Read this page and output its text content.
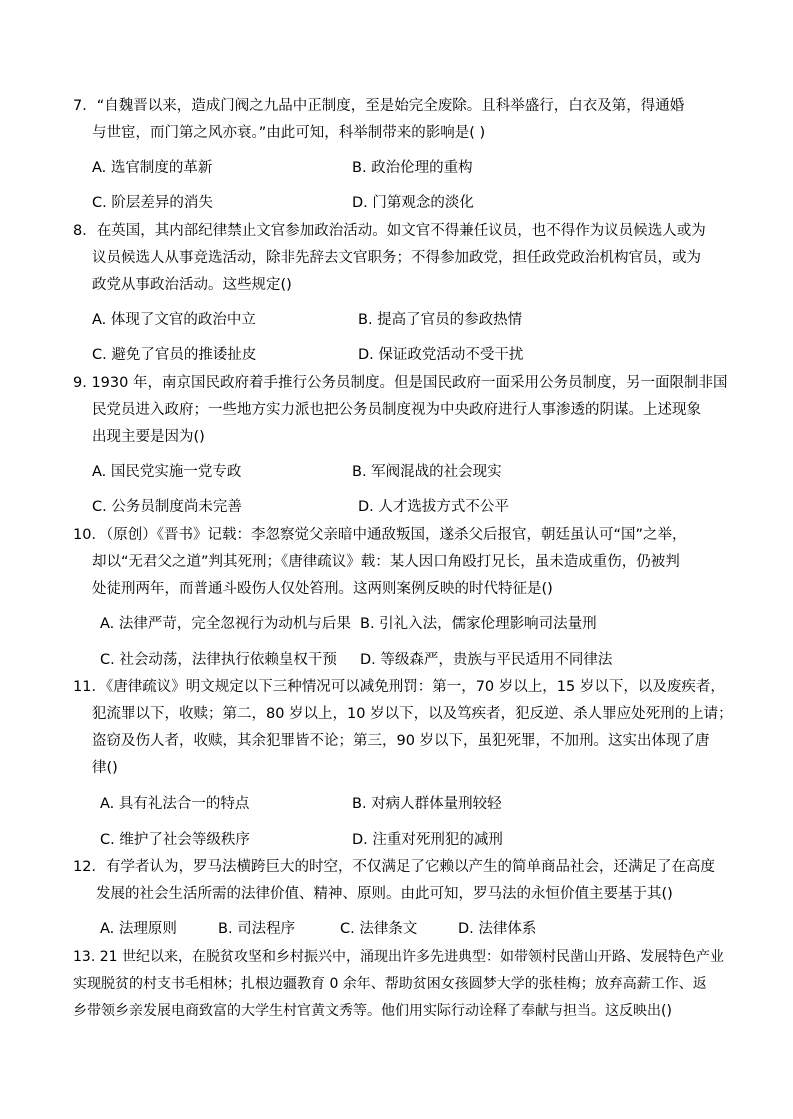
7．“自魏晋以来，造成门阀之九品中正制度，至是始完全废除。且科举盛行，白衣及第，得通婚
与世宦，而门第之风亦衰。”由此可知，科举制带来的影响是( )
A. 选官制度的革新	B. 政治伦理的重构
C. 阶层差异的消失	D. 门第观念的淡化
8．在英国，其内部纪律禁止文官参加政治活动。如文官不得兼任议员，也不得作为议员候选人或为
议员候选人从事竞选活动，除非先辞去文官职务；不得参加政党，担任政党政治机构官员，或为
政党从事政治活动。这些规定()
A. 体现了文官的政治中立	B. 提高了官员的参政热情
C. 避免了官员的推诿扯皮	D. 保证政党活动不受干扰
9. 1930 年，南京国民政府着手推行公务员制度。但是国民政府一面采用公务员制度，另一面限制非国
民党员进入政府；一些地方实力派也把公务员制度视为中央政府进行人事渗透的阴谋。上述现象
出现主要是因为()
A. 国民党实施一党专政	B. 军阀混战的社会现实
C. 公务员制度尚未完善	D. 人才选拔方式不公平
10．（原创）《晋书》记载：李忽察觉父亲暗中通敌叛国，遂杀父后报官，朝廷虽认可“国”之举，
却以“无君父之道”判其死刑；《唐律疏议》载：某人因口角殴打兄长，虽未造成重伤，仍被判
处徒刑两年，而普通斗殴伤人仅处笞刑。这两则案例反映的时代特征是()
A. 法律严苛，完全忽视行为动机与后果 B. 引礼入法，儒家伦理影响司法量刑
C. 社会动荡，法律执行依赖皇权干预 D. 等级森严，贵族与平民适用不同律法
11．《唐律疏议》明文规定以下三种情况可以减免刑罚：第一，70 岁以上，15 岁以下，以及废疾者，
犯流罪以下，收赎；第二，80 岁以上，10 岁以下，以及笃疾者，犯反逆、杀人罪应处死刑的上请；
盗窃及伤人者，收赎，其余犯罪皆不论；第三，90 岁以下，虽犯死罪，不加刑。这实出体现了唐
律()
A. 具有礼法合一的特点	B. 对病人群体量刑较轻
C. 维护了社会等级秩序	D. 注重对死刑犯的减刑
12．有学者认为，罗马法横跨巨大的时空，不仅满足了它赖以产生的简单商品社会，还满足了在高度
发展的社会生活所需的法律价值、精神、原则。由此可知，罗马法的永恒价值主要基于其()
A. 法理原则	B. 司法程序	C. 法律条文	D. 法律体系
13. 21 世纪以来，在脱贫攻坚和乡村振兴中，涌现出许多先进典型：如带领村民凿山开路、发展特色产业
实现脱贫的村支书毛相林；扎根边疆教育 0 余年、帮助贫困女孩圆梦大学的张桂梅；放弃高薪工作、返
乡带领乡亲发展电商致富的大学生村官黄文秀等。他们用实际行动诠释了奉献与担当。这反映出()
